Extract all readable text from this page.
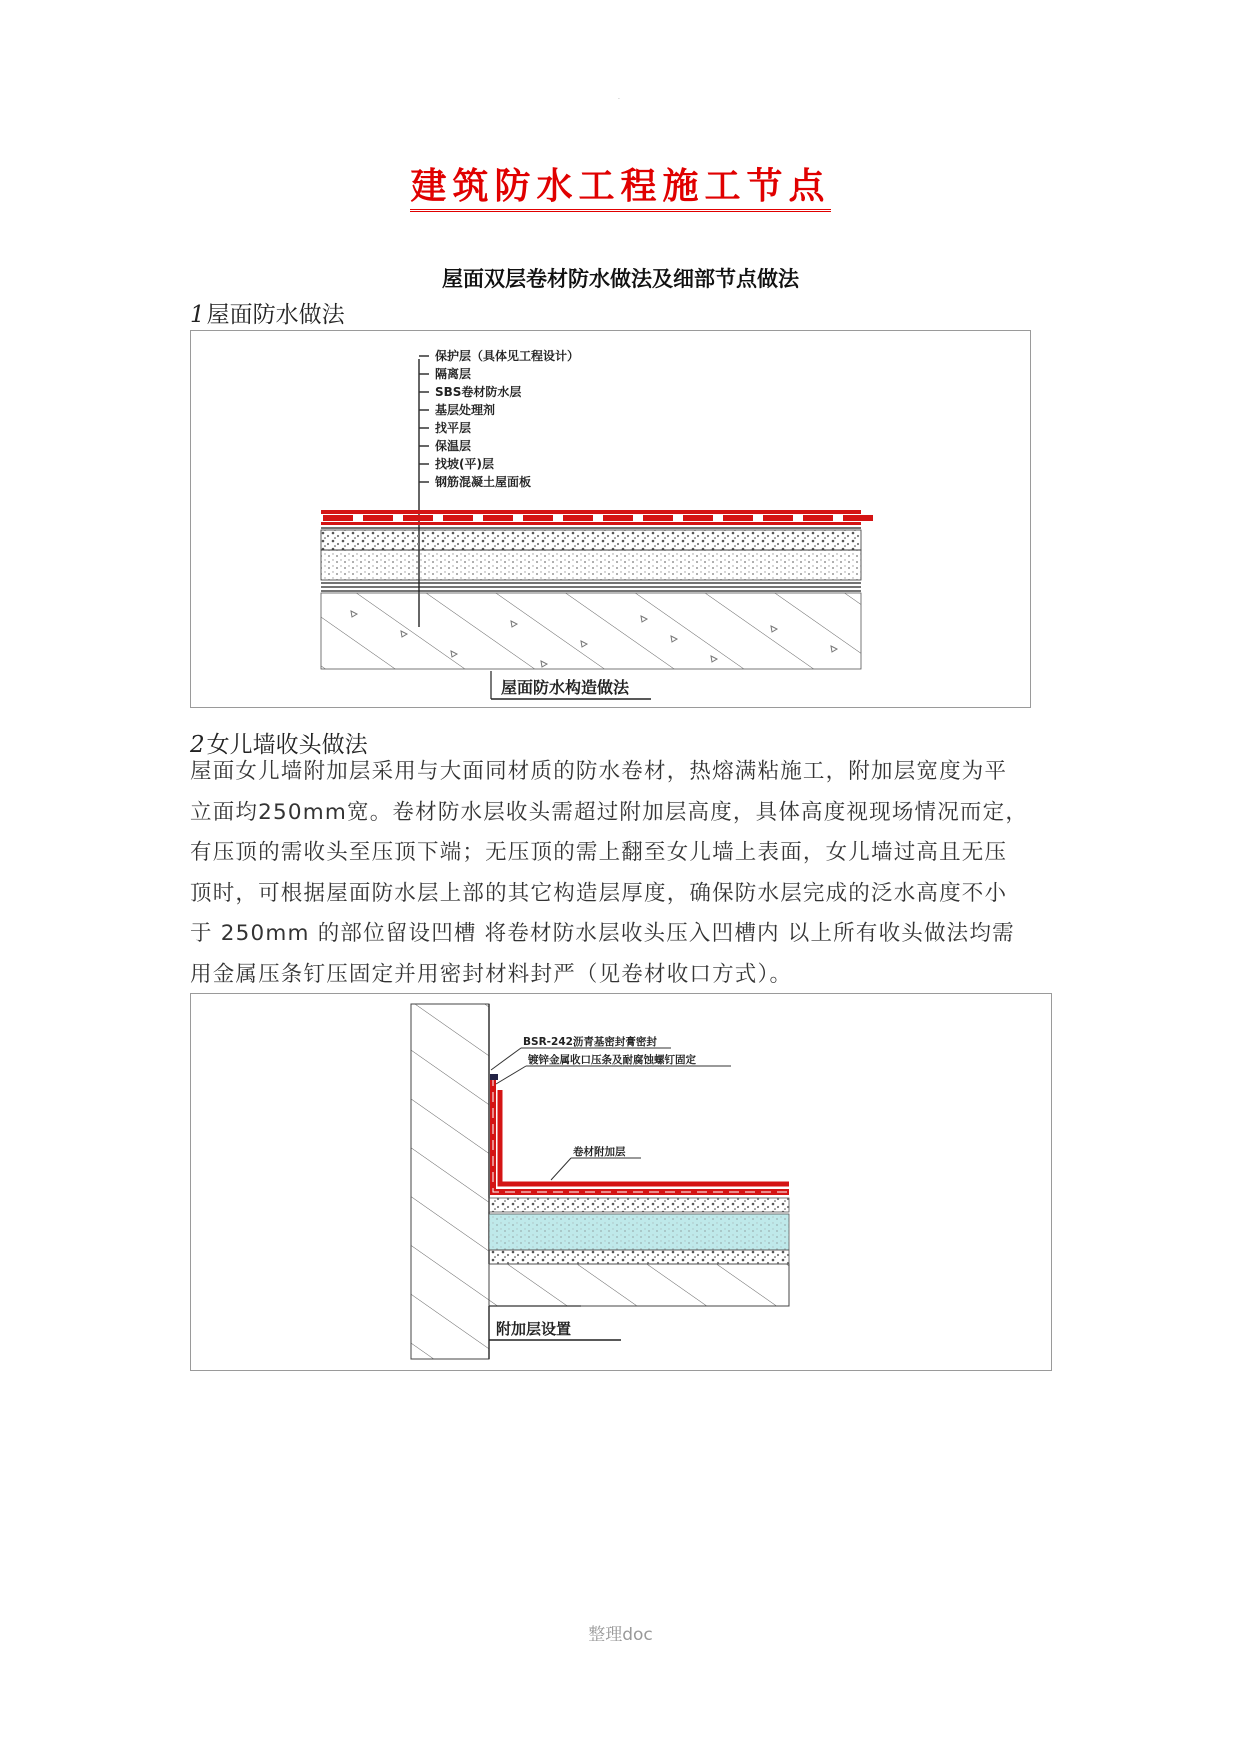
·
建筑防水工程施工节点
屋面双层卷材防水做法及细部节点做法
1屋面防水做法
保护层（具体见工程设计）
隔离层
SBS卷材防水层
基层处理剂
找平层
保温层
找坡(平)层
钢筋混凝土屋面板
屋面防水构造做法
2女儿墙收头做法

屋面女儿墙附加层采用与大面同材质的防水卷材，热熔满粘施工，附加层宽度为平

立面均250mm宽。卷材防水层收头需超过附加层高度，具体高度视现场情况而定，

有压顶的需收头至压顶下端；无压顶的需上翻至女儿墙上表面，女儿墙过高且无压

顶时，可根据屋面防水层上部的其它构造层厚度，确保防水层完成的泛水高度不小

于 250mm 的部位留设凹槽 将卷材防水层收头压入凹槽内 以上所有收头做法均需

用金属压条钉压固定并用密封材料封严（见卷材收口方式）。

BSR-242沥青基密封膏密封
镀锌金属收口压条及耐腐蚀螺钉固定
卷材附加层
附加层设置
整理doc
